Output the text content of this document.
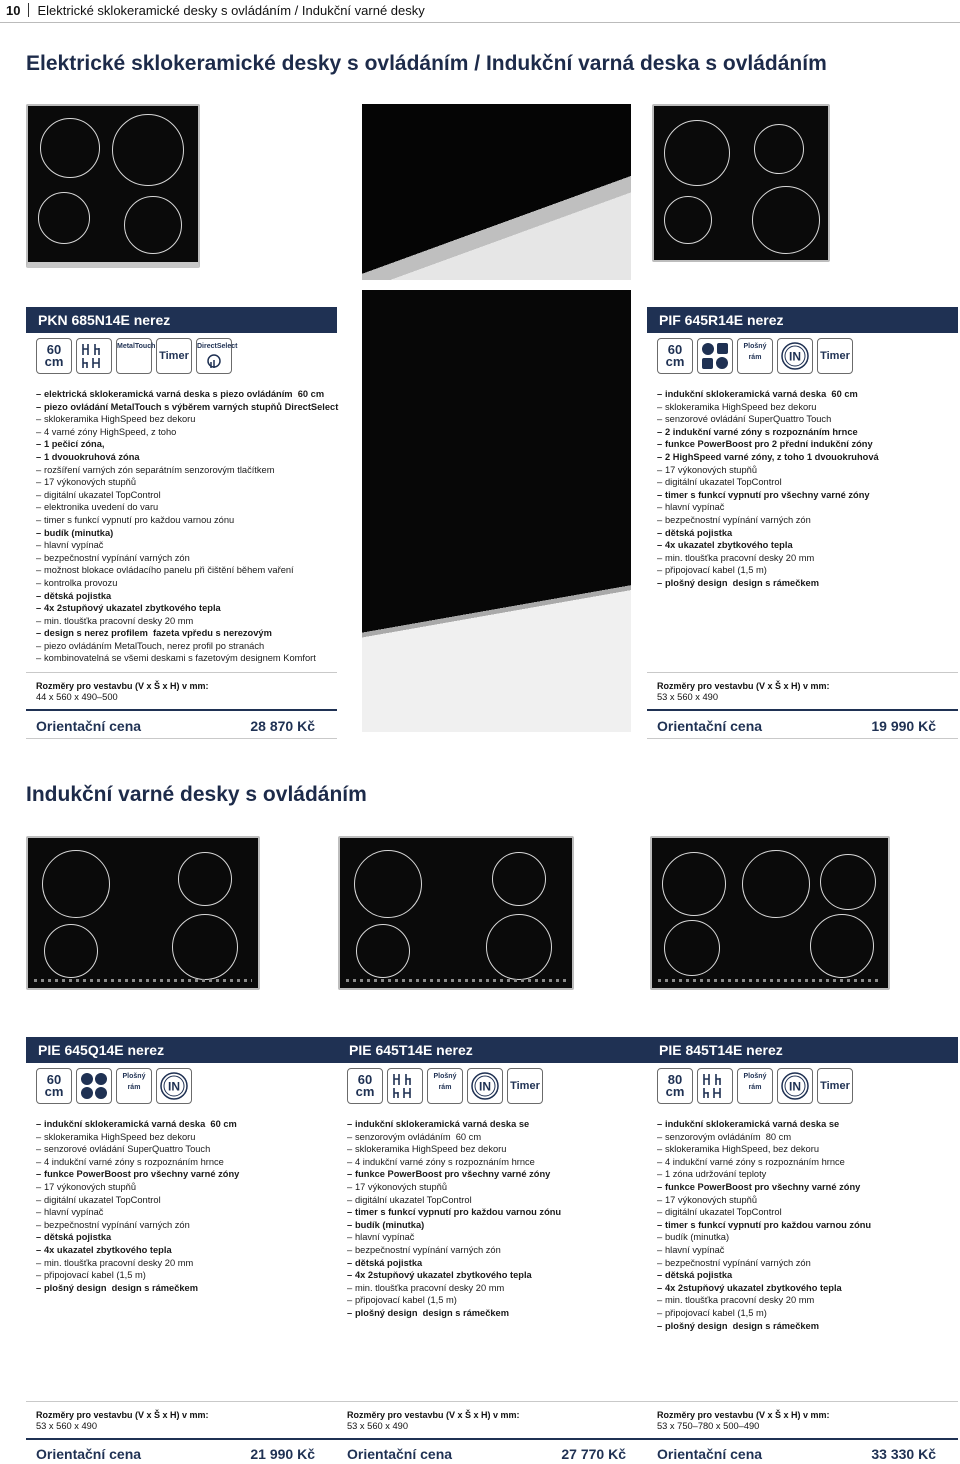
10 Elektrické sklokeramické desky s ovládáním / Indukční varné desky
Elektrické sklokeramické desky s ovládáním / Indukční varná deska s ovládáním
PKN 685N14E nerez
60
cm
MetalTouch
Timer
DirectSelect
– elektrická sklokeramická varná deska s piezo ovládáním  60 cm
– piezo ovládání MetalTouch s výběrem varných stupňů DirectSelect
– sklokeramika HighSpeed bez dekoru
– 4 varné zóny HighSpeed, z toho
– 1 pečicí zóna,
– 1 dvouokruhová zóna
– rozšíření varných zón separátním senzorovým tlačítkem
– 17 výkonových stupňů
– digitální ukazatel TopControl
– elektronika uvedení do varu
– timer s funkcí vypnutí pro každou varnou zónu
– budík (minutka)
– hlavní vypínač
– bezpečnostní vypínání varných zón
– možnost blokace ovládacího panelu při čištění během vaření
– kontrolka provozu
– dětská pojistka
– 4x 2stupňový ukazatel zbytkového tepla
– min. tloušťka pracovní desky 20 mm
– design s nerez profilem  fazeta vpředu s nerezovým
– piezo ovládáním MetalTouch, nerez profil po stranách
– kombinovatelná se všemi deskami s fazetovým designem Komfort
Rozměry pro vestavbu (V x Š x H) v mm:
44 x 560 x 490–500
Orientační cena	28 870 Kč
PIF 645R14E nerez
60
cm
Plošný rám	IN Timer
– indukční sklokeramická varná deska  60 cm
– sklokeramika HighSpeed bez dekoru
– senzorové ovládání SuperQuattro Touch
– 2 indukční varné zóny s rozpoznáním hrnce
– funkce PowerBoost pro 2 přední indukční zóny
– 2 HighSpeed varné zóny, z toho 1 dvouokruhová
– 17 výkonových stupňů
– digitální ukazatel TopControl
– timer s funkcí vypnutí pro všechny varné zóny
– hlavní vypínač
– bezpečnostní vypínání varných zón
– dětská pojistka
– 4x ukazatel zbytkového tepla
– min. tloušťka pracovní desky 20 mm
– připojovací kabel (1,5 m)
– plošný design  design s rámečkem
Rozměry pro vestavbu (V x Š x H) v mm:
53 x 560 x 490
Orientační cena	19 990 Kč
Indukční varné desky s ovládáním
PIE 645Q14E nerez	PIE 645T14E nerez	PIE 845T14E nerez
60
cm
Plošný rám	IN	60
cm
Plošný rám	IN Timer	80
cm
Plošný rám	IN Timer
– indukční sklokeramická varná deska  60 cm
– sklokeramika HighSpeed bez dekoru
– senzorové ovládání SuperQuattro Touch
– 4 indukční varné zóny s rozpoznáním hrnce
– funkce PowerBoost pro všechny varné zóny
– 17 výkonových stupňů
– digitální ukazatel TopControl
– hlavní vypínač
– bezpečnostní vypínání varných zón
– dětská pojistka
– 4x ukazatel zbytkového tepla
– min. tloušťka pracovní desky 20 mm
– připojovací kabel (1,5 m)
– plošný design  design s rámečkem
– indukční sklokeramická varná deska se
– senzorovým ovládáním  60 cm
– sklokeramika HighSpeed bez dekoru
– 4 indukční varné zóny s rozpoznáním hrnce
– funkce PowerBoost pro všechny varné zóny
– 17 výkonových stupňů
– digitální ukazatel TopControl
– timer s funkcí vypnutí pro každou varnou zónu
– budík (minutka)
– hlavní vypínač
– bezpečnostní vypínání varných zón
– dětská pojistka
– 4x 2stupňový ukazatel zbytkového tepla
– min. tloušťka pracovní desky 20 mm
– připojovací kabel (1,5 m)
– plošný design  design s rámečkem
– indukční sklokeramická varná deska se
– senzorovým ovládáním  80 cm
– sklokeramika HighSpeed, bez dekoru
– 4 indukční varné zóny s rozpoznáním hrnce
– 1 zóna udržování teploty
– funkce PowerBoost pro všechny varné zóny
– 17 výkonových stupňů
– digitální ukazatel TopControl
– timer s funkcí vypnutí pro každou varnou zónu
– budík (minutka)
– hlavní vypínač
– bezpečnostní vypínání varných zón
– dětská pojistka
– 4x 2stupňový ukazatel zbytkového tepla
– min. tloušťka pracovní desky 20 mm
– připojovací kabel (1,5 m)
– plošný design  design s rámečkem
Rozměry pro vestavbu (V x Š x H) v mm:
53 x 560 x 490
Rozměry pro vestavbu (V x Š x H) v mm:
53 x 560 x 490
Rozměry pro vestavbu (V x Š x H) v mm:
53 x 750–780 x 500–490
Orientační cena	21 990 Kč Orientační cena	27 770 Kč Orientační cena	33 330 Kč
